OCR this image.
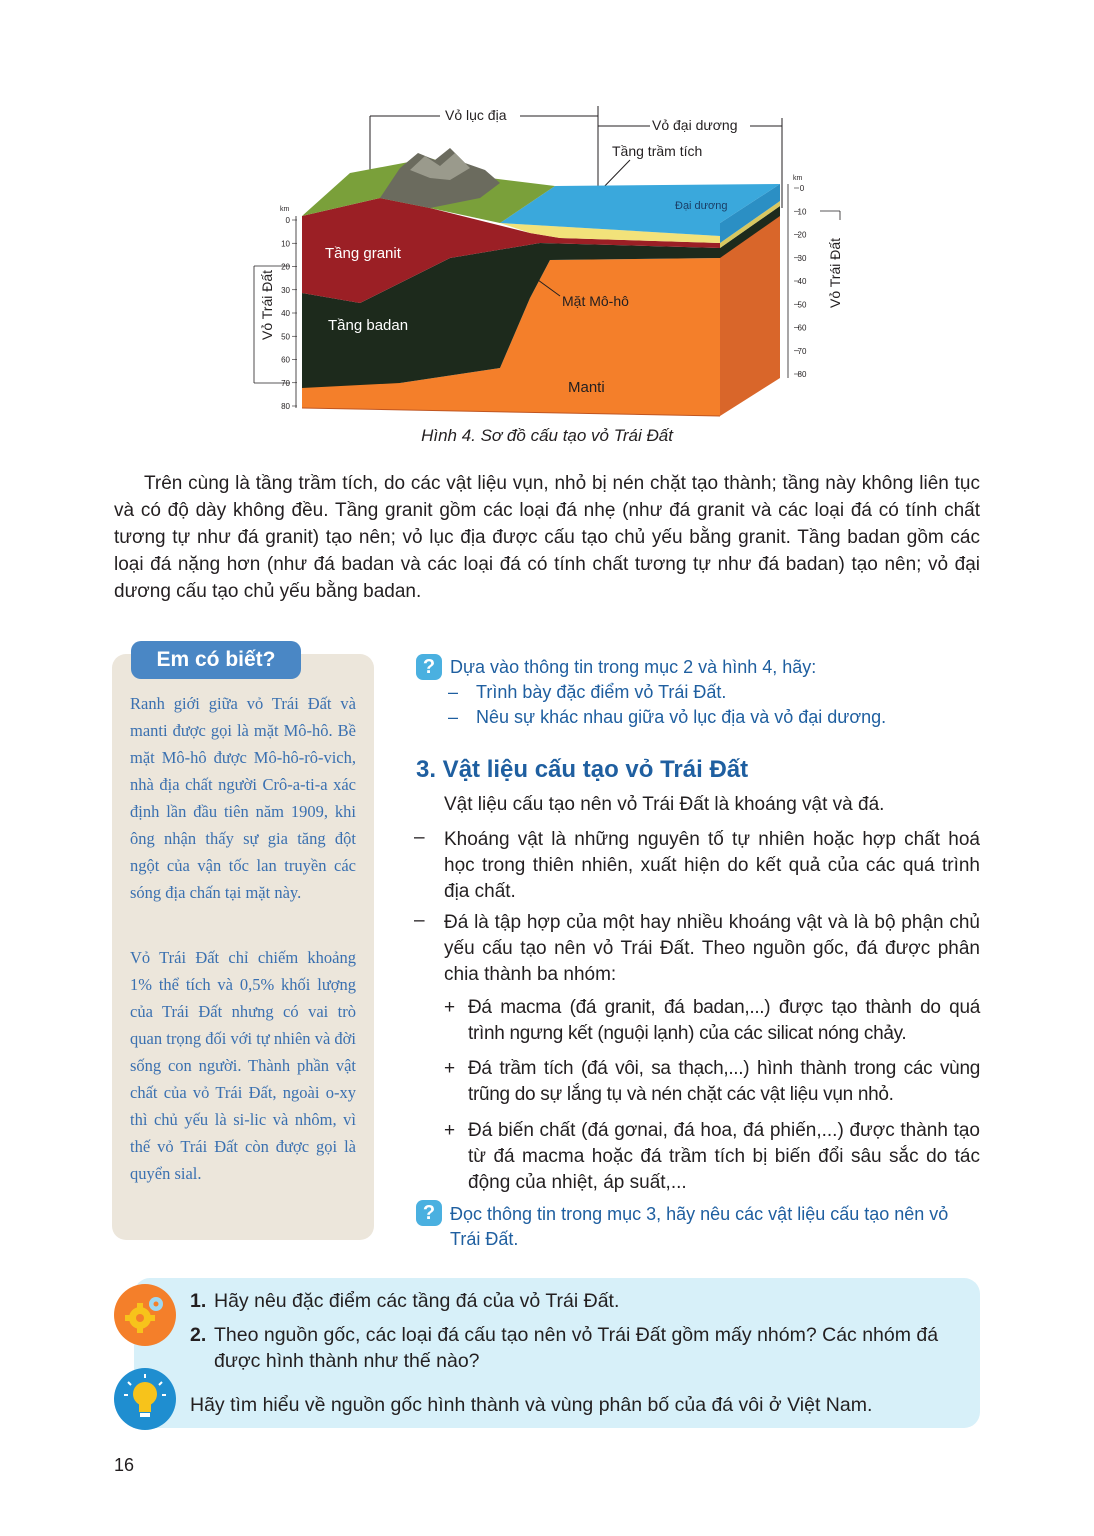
Vỏ lục địa
Vỏ đại dương
Tầng trầm tích
Tầng granit
Tầng badan
Mặt Mô-hô
Manti
Đại dương
0
10
20
30
40
50
60
70
80
km
Vỏ Trái Đất
0
10
20
30
40
50
60
70
80
km
Vỏ Trái Đất
Hình 4. Sơ đồ cấu tạo vỏ Trái Đất
Trên cùng là tầng trầm tích, do các vật liệu vụn, nhỏ bị nén chặt tạo thành; tầng này không liên tục và có độ dày không đều. Tầng granit gồm các loại đá nhẹ (như đá granit và các loại đá có tính chất tương tự như đá granit) tạo nên; vỏ lục địa được cấu tạo chủ yếu bằng granit. Tầng badan gồm các loại đá nặng hơn (như đá badan và các loại đá có tính chất tương tự như đá badan) tạo nên; vỏ đại dương cấu tạo chủ yếu bằng badan.
Em có biết?
Ranh giới giữa vỏ Trái Đất và manti được gọi là mặt Mô-hô. Bề mặt Mô-hô được Mô-hô-rô-vich, nhà địa chất người Crô-a-ti-a xác định lần đầu tiên năm 1909, khi ông nhận thấy sự gia tăng đột ngột của vận tốc lan truyền các sóng địa chấn tại mặt này.
Vỏ Trái Đất chỉ chiếm khoảng 1% thể tích và 0,5% khối lượng của Trái Đất nhưng có vai trò quan trọng đối với tự nhiên và đời sống con người. Thành phần vật chất của vỏ Trái Đất, ngoài o-xy thì chủ yếu là si-lic và nhôm, vì thế vỏ Trái Đất còn được gọi là quyển sial.
? Dựa vào thông tin trong mục 2 và hình 4, hãy:
– Trình bày đặc điểm vỏ Trái Đất.
– Nêu sự khác nhau giữa vỏ lục địa và vỏ đại dương.
3. Vật liệu cấu tạo vỏ Trái Đất
Vật liệu cấu tạo nên vỏ Trái Đất là khoáng vật và đá.
– Khoáng vật là những nguyên tố tự nhiên hoặc hợp chất hoá học trong thiên nhiên, xuất hiện do kết quả của các quá trình địa chất.
– Đá là tập hợp của một hay nhiều khoáng vật và là bộ phận chủ yếu cấu tạo nên vỏ Trái Đất. Theo nguồn gốc, đá được phân chia thành ba nhóm:
+ Đá macma (đá granit, đá badan,...) được tạo thành do quá trình ngưng kết (nguội lạnh) của các silicat nóng chảy.
+ Đá trầm tích (đá vôi, sa thạch,...) hình thành trong các vùng trũng do sự lắng tụ và nén chặt các vật liệu vụn nhỏ.
+ Đá biến chất (đá gơnai, đá hoa, đá phiến,...) được thành tạo từ đá macma hoặc đá trầm tích bị biến đổi sâu sắc do tác động của nhiệt, áp suất,...
? Đọc thông tin trong mục 3, hãy nêu các vật liệu cấu tạo nên vỏ Trái Đất.
1. Hãy nêu đặc điểm các tầng đá của vỏ Trái Đất.
2. Theo nguồn gốc, các loại đá cấu tạo nên vỏ Trái Đất gồm mấy nhóm? Các nhóm đá được hình thành như thế nào?
Hãy tìm hiểu về nguồn gốc hình thành và vùng phân bố của đá vôi ở Việt Nam.
16
